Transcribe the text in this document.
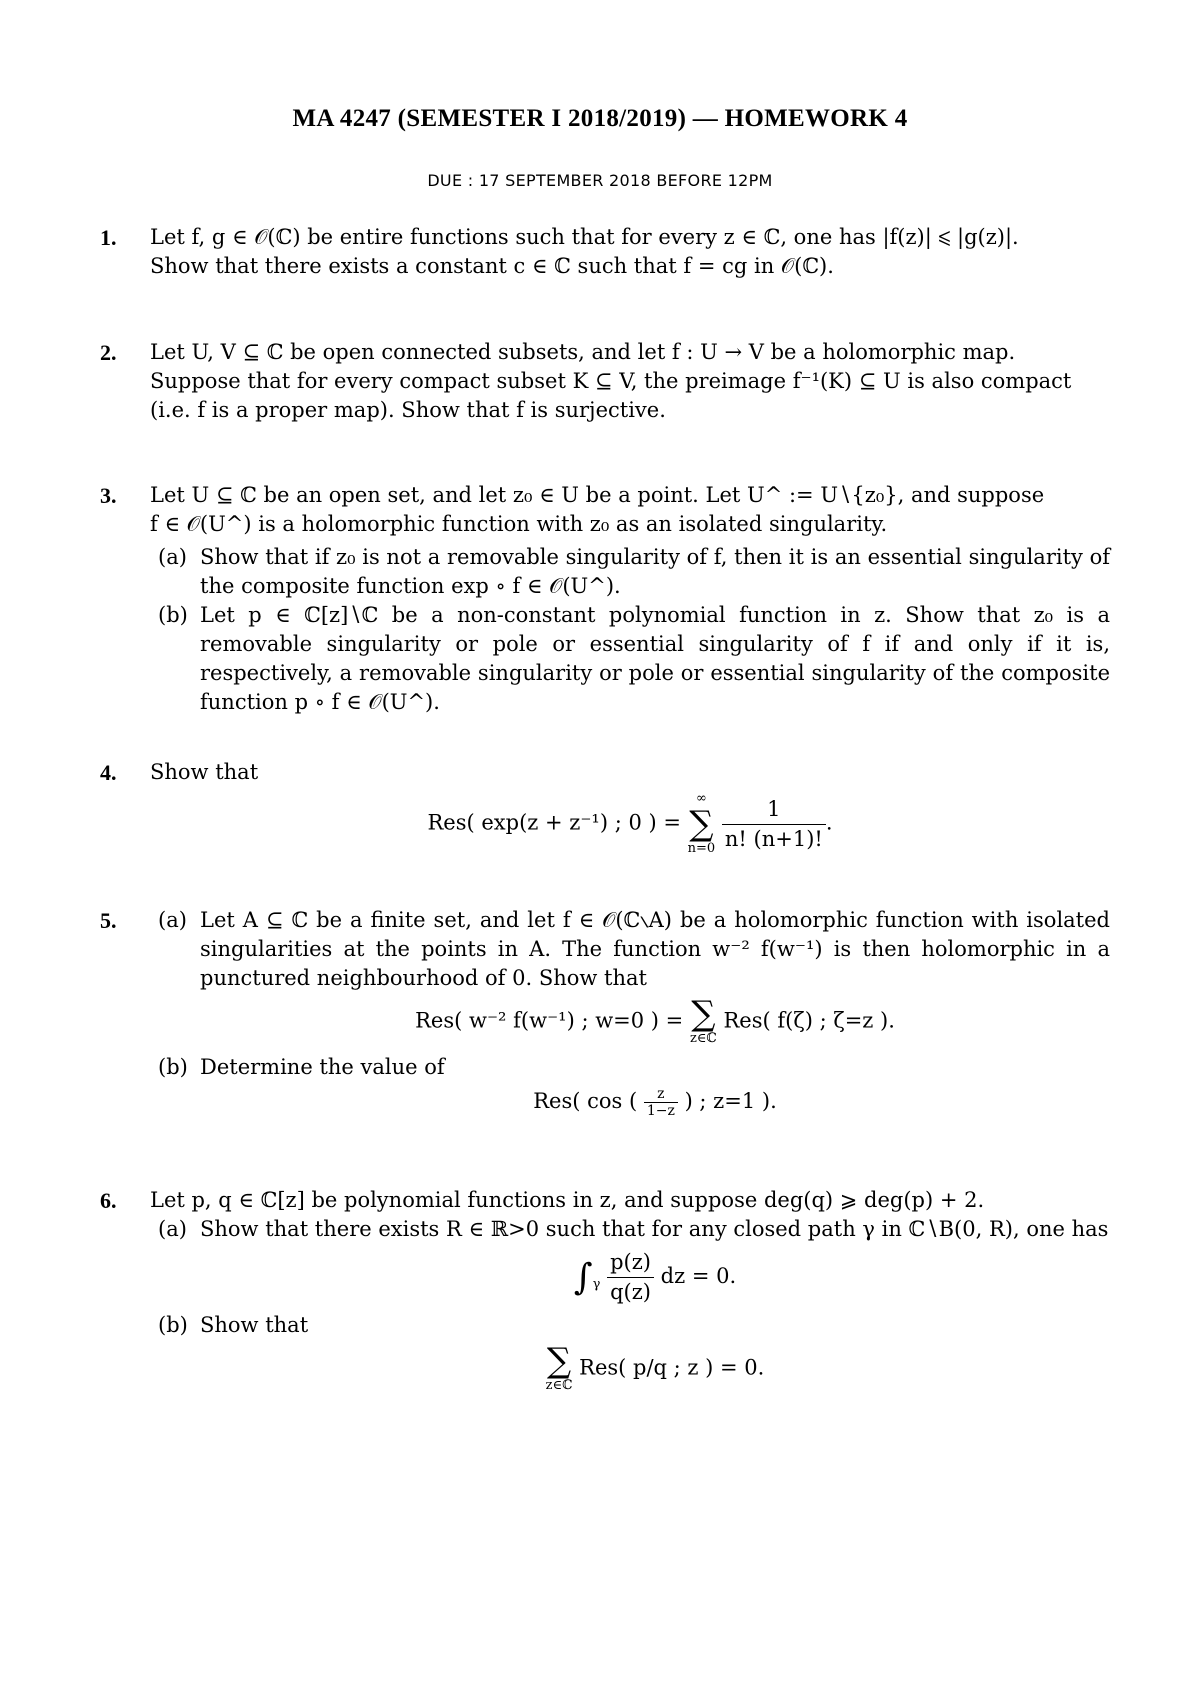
MA 4247 (SEMESTER I 2018/2019) — HOMEWORK 4
DUE : 17 SEPTEMBER 2018 BEFORE 12PM
1. Let f, g ∈ 𝒪(ℂ) be entire functions such that for every z ∈ ℂ, one has |f(z)| ⩽ |g(z)|.
Show that there exists a constant c ∈ ℂ such that f = cg in 𝒪(ℂ).
2. Let U, V ⊆ ℂ be open connected subsets, and let f : U → V be a holomorphic map.
Suppose that for every compact subset K ⊆ V, the preimage f⁻¹(K) ⊆ U is also compact
(i.e. f is a proper map). Show that f is surjective.
3. Let U ⊆ ℂ be an open set, and let z₀ ∈ U be a point. Let U^ := U∖{z₀}, and suppose
f ∈ 𝒪(U^) is a holomorphic function with z₀ as an isolated singularity.
(a) Show that if z₀ is not a removable singularity of f, then it is an essential singularity of the composite function exp ∘ f ∈ 𝒪(U^).
(b) Let p ∈ ℂ[z]∖ℂ be a non-constant polynomial function in z. Show that z₀ is a removable singularity or pole or essential singularity of f if and only if it is, respectively, a removable singularity or pole or essential singularity of the composite function p ∘ f ∈ 𝒪(U^).
4. Show that
Res( exp(z + z⁻¹) ; 0 ) =
∞
∑
n=0
$\frac{1}{n! (n+1)!}$ .
5. (a) Let A ⊆ ℂ be a finite set, and let f ∈ 𝒪(ℂ∖A) be a holomorphic function with isolated singularities at the points in A. The function w⁻² f(w⁻¹) is then holomorphic in a punctured neighbourhood of 0. Show that
Res( w⁻² f(w⁻¹) ; w=0 ) = ∑
z∈ℂ
Res( f(ζ) ; ζ=z ).
(b) Determine the value of
Res( cos ( $\frac{z}{1-z}$ ) ; z=1 ).
6. Let p, q ∈ ℂ[z] be polynomial functions in z, and suppose deg(q) ⩾ deg(p) + 2.
(a) Show that there exists R ∈ ℝ>0 such that for any closed path γ in ℂ∖B(0, R), one has
$\int_\gamma \frac{p(z)}{q(z)}$ dz = 0.
(b) Show that
∑
z∈ℂ
Res( p/q ; z ) = 0.
